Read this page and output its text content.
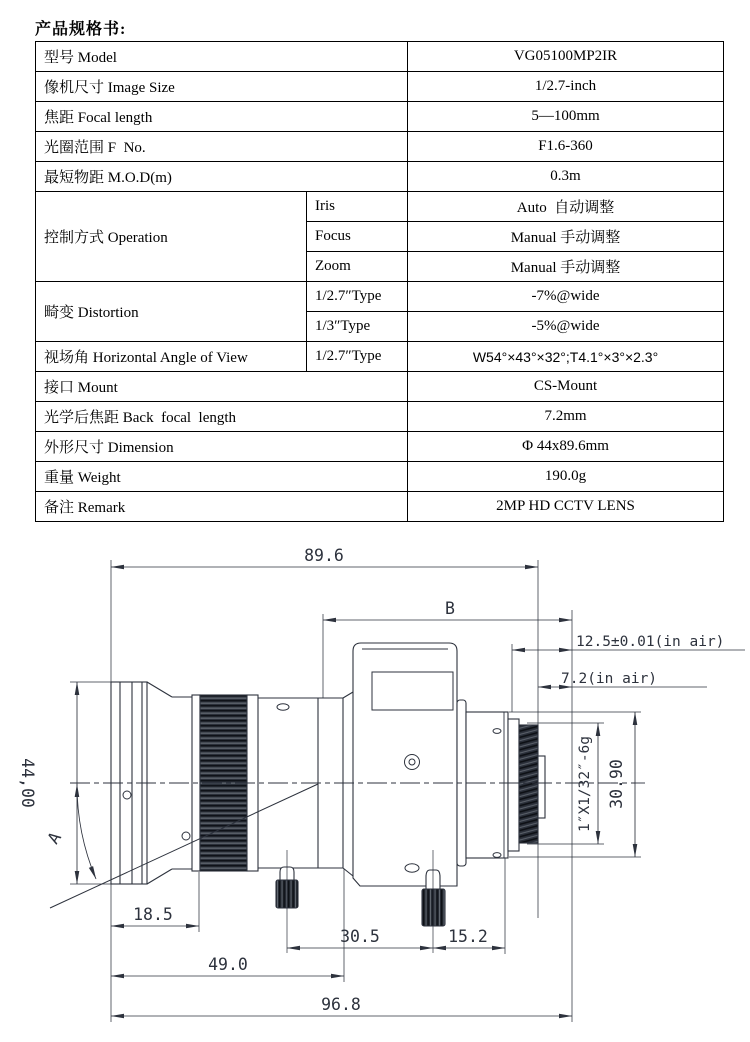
产品规格书:
型号 Model		VG05100MP2IR
像机尺寸 Image Size		1/2.7-inch
焦距 Focal length		5—100mm
光圈范围 F  No.		F1.6-360
最短物距 M.O.D(m)		0.3m
控制方式 Operation	Iris	Auto  自动调整
	Focus	Manual 手动调整
	Zoom	Manual 手动调整
畸变 Distortion	1/2.7″Type	-7%@wide
	1/3″Type	-5%@wide
视场角 Horizontal Angle of View	1/2.7″Type	W54°×43°×32°;T4.1°×3°×2.3°
接口 Mount		CS-Mount
光学后焦距 Back  focal  length		7.2mm
外形尺寸 Dimension		Φ 44x89.6mm
重量 Weight		190.0g
备注 Remark		2MP HD CCTV LENS
89.6
B
12.5±0.01(in air)
7.2(in air)
44,00	30.90
1″X1/32″-6g
A
18.5
30.5	15.2
49.0
96.8
